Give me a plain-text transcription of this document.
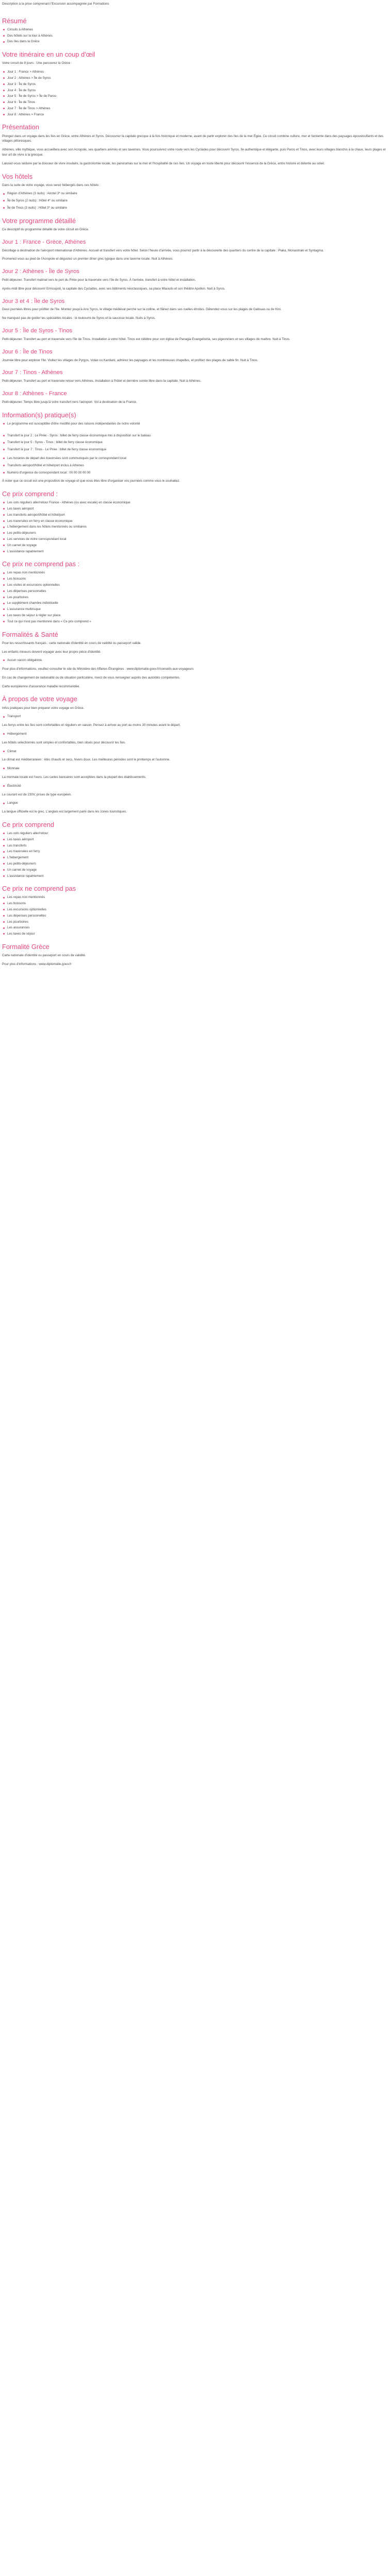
Description à la prise comprenant l'Excursion accompagnée par Formations

Résumé
Circuits à Athènes
Des hôtels sur la tour à Athènes
Des îles dans la Grèce
Votre itinéraire en un coup d'œil

Votre circuit de 8 jours : Une parcourez la Grèce :

Jour 1 : France > Athènes
Jour 2 : Athènes > Île de Syros
Jour 3 : Île de Syros
Jour 4 : Île de Syros
Jour 5 : Île de Syros > Île de Paros
Jour 6 : Île de Tinos
Jour 7 : Île de Tinos > Athènes
Jour 8 : Athènes > France
Présentation

Plongez dans un voyage dans les îles en Grèce, entre Athènes et Syros. Découvrez la capitale grecque à la fois historique et moderne, avant de partir explorer des îles de la mer Égée. Ce circuit combine culture, mer et farniente dans des paysages époustouflants et des villages pittoresques.

Athènes, ville mythique, vous accueillera avec son Acropole, ses quartiers animés et ses tavernes. Vous poursuivrez votre route vers les Cyclades pour découvrir Syros, île authentique et élégante, puis Paros et Tinos, avec leurs villages blanchis à la chaux, leurs plages et leur art de vivre à la grecque.

Laissez-vous séduire par la douceur de vivre insulaire, la gastronomie locale, les panoramas sur la mer et l'hospitalité de ces îles. Un voyage en toute liberté pour découvrir l'essence de la Grèce, entre histoire et détente au soleil.

Vos hôtels

Dans la suite de votre voyage, vous serez hébergés dans ces hôtels :

Région d'Athènes (3 nuits) : Airotel 3* ou similaire
Île de Syros (2 nuits) : Hôtel 4* ou similaire
Île de Tinos (3 nuits) : Hôtel 3* ou similaire
Votre programme détaillé

Ce descriptif du programme détaillé de votre circuit en Grèce.

Jour 1 : France - Grèce, Athènes

Décollage à destination de l'aéroport international d'Athènes. Accueil et transfert vers votre hôtel. Selon l'heure d'arrivée, vous pourrez partir à la découverte des quartiers du centre de la capitale : Plaka, Monastiraki et Syntagma.

Promenez-vous au pied de l'Acropole et dégustez un premier dîner grec typique dans une taverne locale. Nuit à Athènes.

Jour 2 : Athènes - Île de Syros

Petit-déjeuner. Transfert matinal vers le port du Pirée pour la traversée vers l'île de Syros. À l'arrivée, transfert à votre hôtel et installation.

Après-midi libre pour découvrir Ermoupoli, la capitale des Cyclades, avec ses bâtiments néoclassiques, sa place Miaoulis et son théâtre Apollon. Nuit à Syros.

Jour 3 et 4 : Île de Syros

Deux journées libres pour profiter de l'île. Montez jusqu'à Ano Syros, le village médiéval perché sur la colline, et flânez dans ses ruelles étroites. Détendez-vous sur les plages de Galissas ou de Kini.

Ne manquez pas de goûter les spécialités locales : le loukoumi de Syros et la saucisse locale. Nuits à Syros.

Jour 5 : Île de Syros - Tinos

Petit-déjeuner. Transfert au port et traversée vers l'île de Tinos. Installation à votre hôtel. Tinos est célèbre pour son église de Panagia Evangelistria, ses pigeonniers et ses villages de marbre. Nuit à Tinos.

Jour 6 : Île de Tinos

Journée libre pour explorer l'île. Visitez les villages de Pyrgos, Volax ou Kardiani, admirez les paysages et les nombreuses chapelles, et profitez des plages de sable fin. Nuit à Tinos.

Jour 7 : Tinos - Athènes

Petit-déjeuner. Transfert au port et traversée retour vers Athènes. Installation à l'hôtel et dernière soirée libre dans la capitale. Nuit à Athènes.

Jour 8 : Athènes - France

Petit-déjeuner. Temps libre jusqu'à votre transfert vers l'aéroport. Vol à destination de la France.

Information(s) pratique(s)
Le programme est susceptible d'être modifié pour des raisons indépendantes de notre volonté
Transfert le jour 2 : Le Pirée - Syros : billet de ferry classe économique mis à disposition sur le bateau
Transfert le jour 5 : Syros - Tinos : billet de ferry classe économique
Transfert le jour 7 : Tinos - Le Pirée : billet de ferry classe économique
Les horaires de départ des traversées sont communiqués par le correspondant local
Transferts aéroport/hôtel et hôtel/port inclus à Athènes
Numéro d'urgence du correspondant local : 00 00 00 00 00

À noter que ce circuit est une proposition de voyage et que vous êtes libre d'organiser vos journées comme vous le souhaitez.

Ce prix comprend :
Les vols réguliers aller/retour France - Athènes (ou avec escale) en classe économique
Les taxes aéroport
Les transferts aéroport/hôtel et hôtel/port
Les traversées en ferry en classe économique
L'hébergement dans les hôtels mentionnés ou similaires
Les petits-déjeuners
Les services de notre correspondant local
Un carnet de voyage
L'assistance rapatriement
Ce prix ne comprend pas :
Les repas non mentionnés
Les boissons
Les visites et excursions optionnelles
Les dépenses personnelles
Les pourboires
Le supplément chambre individuelle
L'assurance multirisque
Les taxes de séjour à régler sur place
Tout ce qui n'est pas mentionné dans « Ce prix comprend »
Formalités & Santé

Pour les ressortissants français : carte nationale d'identité en cours de validité ou passeport valide.

Les enfants mineurs doivent voyager avec leur propre pièce d'identité.

Aucun vaccin obligatoire.

Pour plus d'informations, veuillez consulter le site du Ministère des Affaires Étrangères : www.diplomatie.gouv.fr/conseils-aux-voyageurs

En cas de changement de nationalité ou de situation particulière, merci de vous renseigner auprès des autorités compétentes.

Carte européenne d'assurance maladie recommandée.

À propos de votre voyage

Infos pratiques pour bien préparer votre voyage en Grèce.

Transport

Les ferrys entre les îles sont confortables et réguliers en saison. Pensez à arriver au port au moins 30 minutes avant le départ.

Hébergement

Les hôtels sélectionnés sont simples et confortables, bien situés pour découvrir les îles.

Climat

Le climat est méditerranéen : étés chauds et secs, hivers doux. Les meilleures périodes sont le printemps et l'automne.

Monnaie

La monnaie locale est l'euro. Les cartes bancaires sont acceptées dans la plupart des établissements.

Électricité

Le courant est de 230V, prises de type européen.

Langue

La langue officielle est le grec. L'anglais est largement parlé dans les zones touristiques.

Ce prix comprend
Les vols réguliers aller/retour
Les taxes aéroport
Les transferts
Les traversées en ferry
L'hébergement
Les petits-déjeuners
Un carnet de voyage
L'assistance rapatriement
Ce prix ne comprend pas
Les repas non mentionnés
Les boissons
Les excursions optionnelles
Les dépenses personnelles
Les pourboires
Les assurances
Les taxes de séjour
Formalité Grèce

Carte nationale d'identité ou passeport en cours de validité.

Pour plus d'informations : www.diplomatie.gouv.fr
